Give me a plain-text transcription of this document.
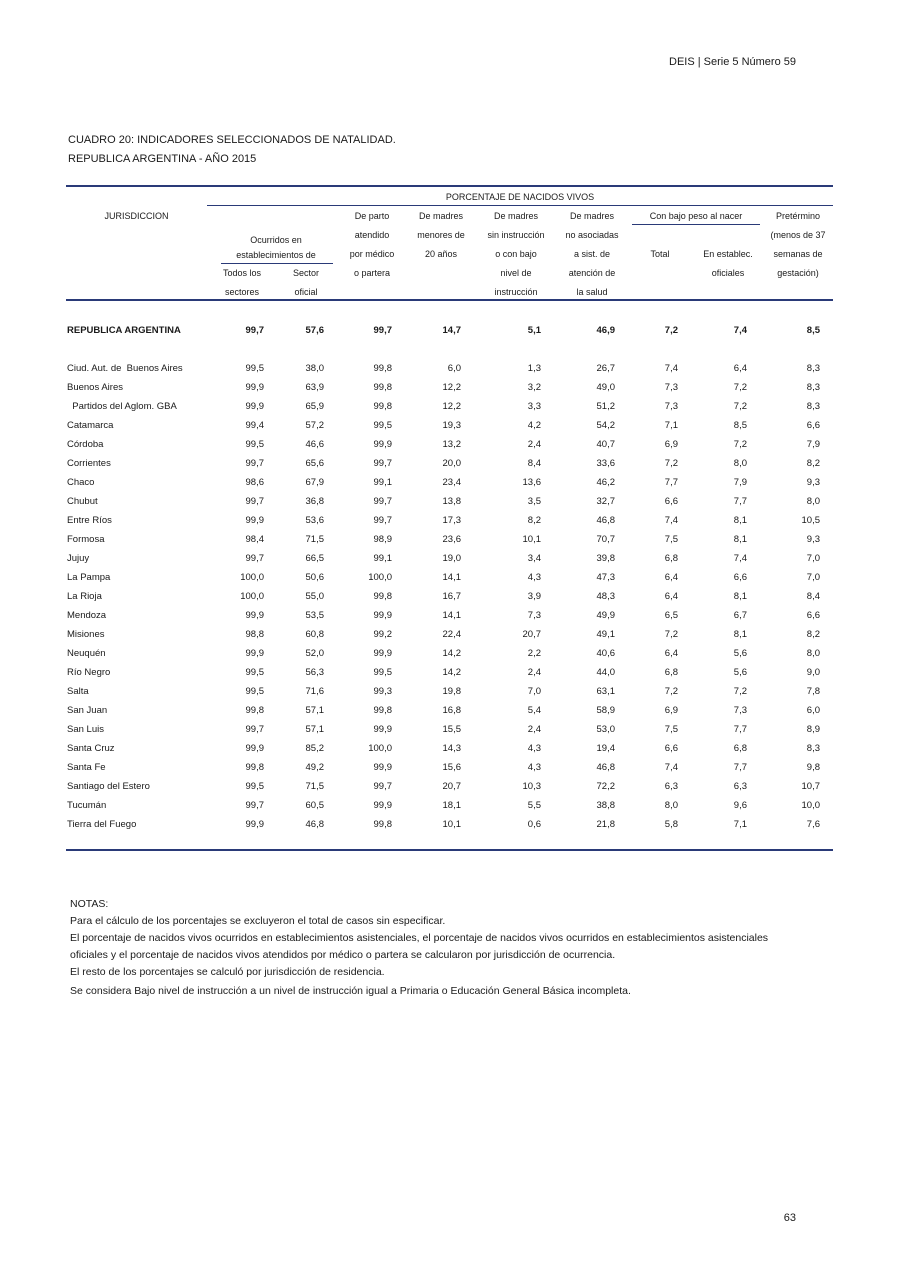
DEIS | Serie 5 Número 59
CUADRO 20: INDICADORES SELECCIONADOS DE NATALIDAD.
REPUBLICA ARGENTINA - AÑO 2015
PORCENTAJE DE NACIDOS VIVOS
JURISDICCION
Ocurridos en
establecimientos de
Todos los
sectores
Sector
oficial
De parto
atendido
por médico
o partera
De madres
menores de
20 años
De madres
sin instrucción
o con bajo
nivel de
instrucción
De madres
no asociadas
a sist. de
atención de
la salud
Con bajo peso al nacer
Total	En establec.
oficiales
Pretérmino
(menos de 37
semanas de
gestación)
REPUBLICA ARGENTINA	99,7	57,6	99,7	14,7	5,1	46,9	7,2	7,4	8,5
Ciud. Aut. de  Buenos Aires	99,5	38,0	99,8	6,0	1,3	26,7	7,4	6,4	8,3
Buenos Aires	99,9	63,9	99,8	12,2	3,2	49,0	7,3	7,2	8,3
Partidos del Aglom. GBA	99,9	65,9	99,8	12,2	3,3	51,2	7,3	7,2	8,3
Catamarca	99,4	57,2	99,5	19,3	4,2	54,2	7,1	8,5	6,6
Córdoba	99,5	46,6	99,9	13,2	2,4	40,7	6,9	7,2	7,9
Corrientes	99,7	65,6	99,7	20,0	8,4	33,6	7,2	8,0	8,2
Chaco	98,6	67,9	99,1	23,4	13,6	46,2	7,7	7,9	9,3
Chubut	99,7	36,8	99,7	13,8	3,5	32,7	6,6	7,7	8,0
Entre Ríos	99,9	53,6	99,7	17,3	8,2	46,8	7,4	8,1	10,5
Formosa	98,4	71,5	98,9	23,6	10,1	70,7	7,5	8,1	9,3
Jujuy	99,7	66,5	99,1	19,0	3,4	39,8	6,8	7,4	7,0
La Pampa	100,0	50,6	100,0	14,1	4,3	47,3	6,4	6,6	7,0
La Rioja	100,0	55,0	99,8	16,7	3,9	48,3	6,4	8,1	8,4
Mendoza	99,9	53,5	99,9	14,1	7,3	49,9	6,5	6,7	6,6
Misiones	98,8	60,8	99,2	22,4	20,7	49,1	7,2	8,1	8,2
Neuquén	99,9	52,0	99,9	14,2	2,2	40,6	6,4	5,6	8,0
Río Negro	99,5	56,3	99,5	14,2	2,4	44,0	6,8	5,6	9,0
Salta	99,5	71,6	99,3	19,8	7,0	63,1	7,2	7,2	7,8
San Juan	99,8	57,1	99,8	16,8	5,4	58,9	6,9	7,3	6,0
San Luis	99,7	57,1	99,9	15,5	2,4	53,0	7,5	7,7	8,9
Santa Cruz	99,9	85,2	100,0	14,3	4,3	19,4	6,6	6,8	8,3
Santa Fe	99,8	49,2	99,9	15,6	4,3	46,8	7,4	7,7	9,8
Santiago del Estero	99,5	71,5	99,7	20,7	10,3	72,2	6,3	6,3	10,7
Tucumán	99,7	60,5	99,9	18,1	5,5	38,8	8,0	9,6	10,0
Tierra del Fuego	99,9	46,8	99,8	10,1	0,6	21,8	5,8	7,1	7,6
NOTAS:
Para el cálculo de los porcentajes se excluyeron el total de casos sin especificar.
El porcentaje de nacidos vivos ocurridos en establecimientos asistenciales, el porcentaje de nacidos vivos ocurridos en establecimientos asistenciales
oficiales y el porcentaje de nacidos vivos atendidos por médico o partera se calcularon por jurisdicción de ocurrencia.
El resto de los porcentajes se calculó por jurisdicción de residencia.
Se considera Bajo nivel de instrucción a un nivel de instrucción igual a Primaria o Educación General Básica incompleta.
63
